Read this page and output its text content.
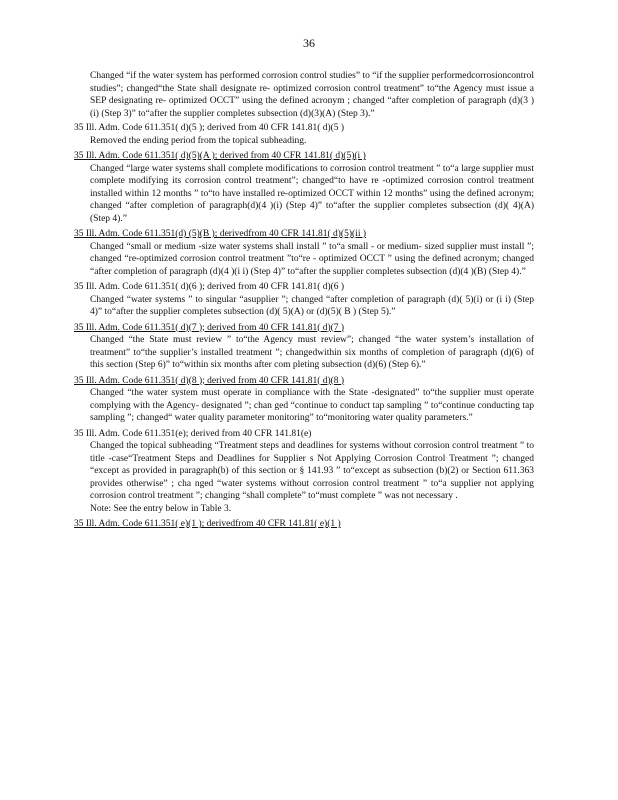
36

Changed “if the water system has performed corrosion control studies” to “if the supplier performedcorrosioncontrol studies”; changed“the State shall designate re- optimized corrosion control treatment” to“the Agency must issue a SEP designating re- optimized OCCT” using the defined acronym ; changed “after completion of paragraph (d)(3 )(i) (Step 3)” to“after the supplier completes subsection (d)(3)(A) (Step 3).”

35 Ill. Adm. Code 611.351( d)(5 ); derived from 40 CFR 141.81( d)(5 )

Removed the ending period from the topical subheading.

35 Ill. Adm. Code 611.351( d)(5)(A ); derived from 40 CFR 141.81( d)(5)(i )

Changed “large water systems shall complete modifications to corrosion control treatment ” to“a large supplier must complete modifying its corrosion control treatment”; changed“to have re -optimized corrosion control treatment installed within 12 months ” to“to have installed re-optimized OCCT within 12 months” using the defined acronym; changed “after completion of paragraph(d)(4 )(i) (Step 4)” to“after the supplier completes subsection (d)( 4)(A) (Step 4).”

35 Ill. Adm. Code 611.351(d) (5)(B ); derivedfrom 40 CFR 141.81( d)(5)(ii )

Changed “small or medium -size water systems shall install ” to“a small - or medium- sized supplier must install ”; changed “re-optimized corrosion control treatment ”to“re - optimized OCCT ” using the defined acronym; changed “after completion of paragraph (d)(4 )(i i) (Step 4)” to“after the supplier completes subsection (d)(4 )(B) (Step 4).”

35 Ill. Adm. Code 611.351( d)(6 ); derived from 40 CFR 141.81( d)(6 )

Changed “water systems ” to singular “asupplier ”; changed “after completion of paragraph (d)( 5)(i) or (i i) (Step 4)” to“after the supplier completes subsection (d)( 5)(A) or (d)(5)( B ) (Step 5).”

35 Ill. Adm. Code 611.351( d)(7 ); derived from 40 CFR 141.81( d)(7 )

Changed “the State must review ” to“the Agency must review”; changed “the water system’s installation of treatment” to“the supplier’s installed treatment ”; changedwithin six months of completion of paragraph (d)(6) of this section (Step 6)” to“within six months after com pleting subsection (d)(6) (Step 6).”

35 Ill. Adm. Code 611.351( d)(8 ); derived from 40 CFR 141.81( d)(8 )

Changed “the water system must operate in compliance with the State -designated” to“the supplier must operate complying with the Agency- designated ”; chan ged “continue to conduct tap sampling ” to“continue conducting tap sampling ”; changed“ water quality parameter monitoring” to“monitoring water quality parameters.”

35 Ill. Adm. Code 611.351(e); derived from 40 CFR 141.81(e)

Changed the topical subheading “Treatment steps and deadlines for systems without corrosion control treatment ” to title -case“Treatment Steps and Deadlines for Supplier s Not Applying Corrosion Control Treatment ”; changed “except as provided in paragraph(b) of this section or § 141.93 ” to“except as subsection (b)(2) or Section 611.363 provides otherwise” ; cha nged “water systems without corrosion control treatment ” to“a supplier not applying corrosion control treatment ”; changing “shall complete” to“must complete ” was not necessary .

Note: See the entry below in Table 3.

35 Ill. Adm. Code 611.351( e)(1 ); derivedfrom 40 CFR 141.81( e)(1 )
